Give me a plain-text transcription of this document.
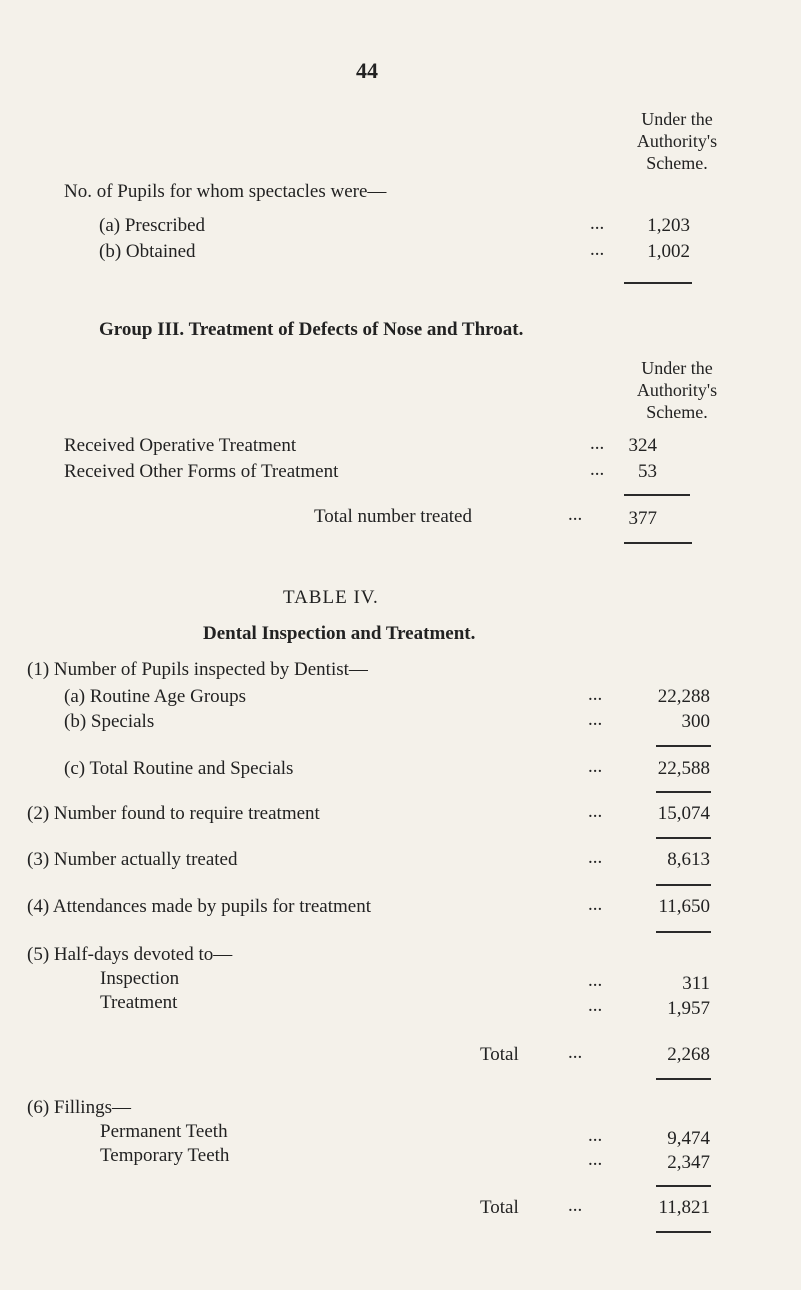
44
Under the
Authority's
Scheme.
No. of Pupils for whom spectacles were—
(a) Prescribed	...	1,203
(b) Obtained	...	1,002
Group III. Treatment of Defects of Nose and Throat.
Under the
Authority's
Scheme.
Received Operative Treatment	...	324
Received Other Forms of Treatment	...	53
Total number treated	...	377
TABLE IV.
Dental Inspection and Treatment.
(1) Number of Pupils inspected by Dentist—
(a) Routine Age Groups	...	22,288
(b) Specials	...	300
(c) Total Routine and Specials	...	22,588
(2) Number found to require treatment	...	15,074
(3) Number actually treated	...	8,613
(4) Attendances made by pupils for treatment	...	11,650
(5) Half-days devoted to—
Inspection	...	311
Treatment	...	1,957
Total	...	2,268
(6) Fillings—
Permanent Teeth	...	9,474
Temporary Teeth	...	2,347
Total	...	11,821
